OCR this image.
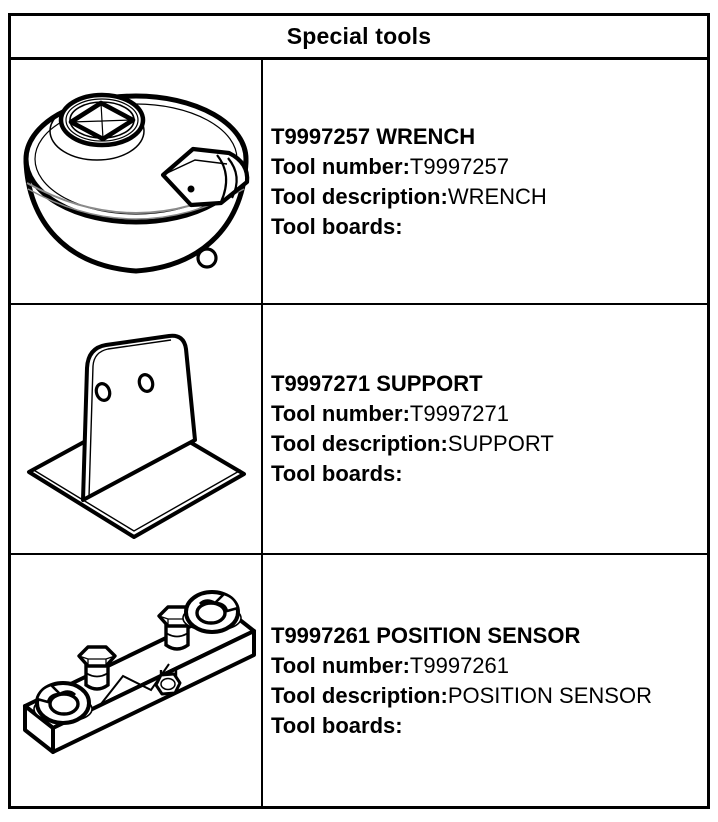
Special tools
T9997257 WRENCH
Tool number:T9997257
Tool description:WRENCH
Tool boards:
T9997271 SUPPORT
Tool number:T9997271
Tool description:SUPPORT
Tool boards:
T9997261 POSITION SENSOR
Tool number:T9997261
Tool description:POSITION SENSOR
Tool boards:
